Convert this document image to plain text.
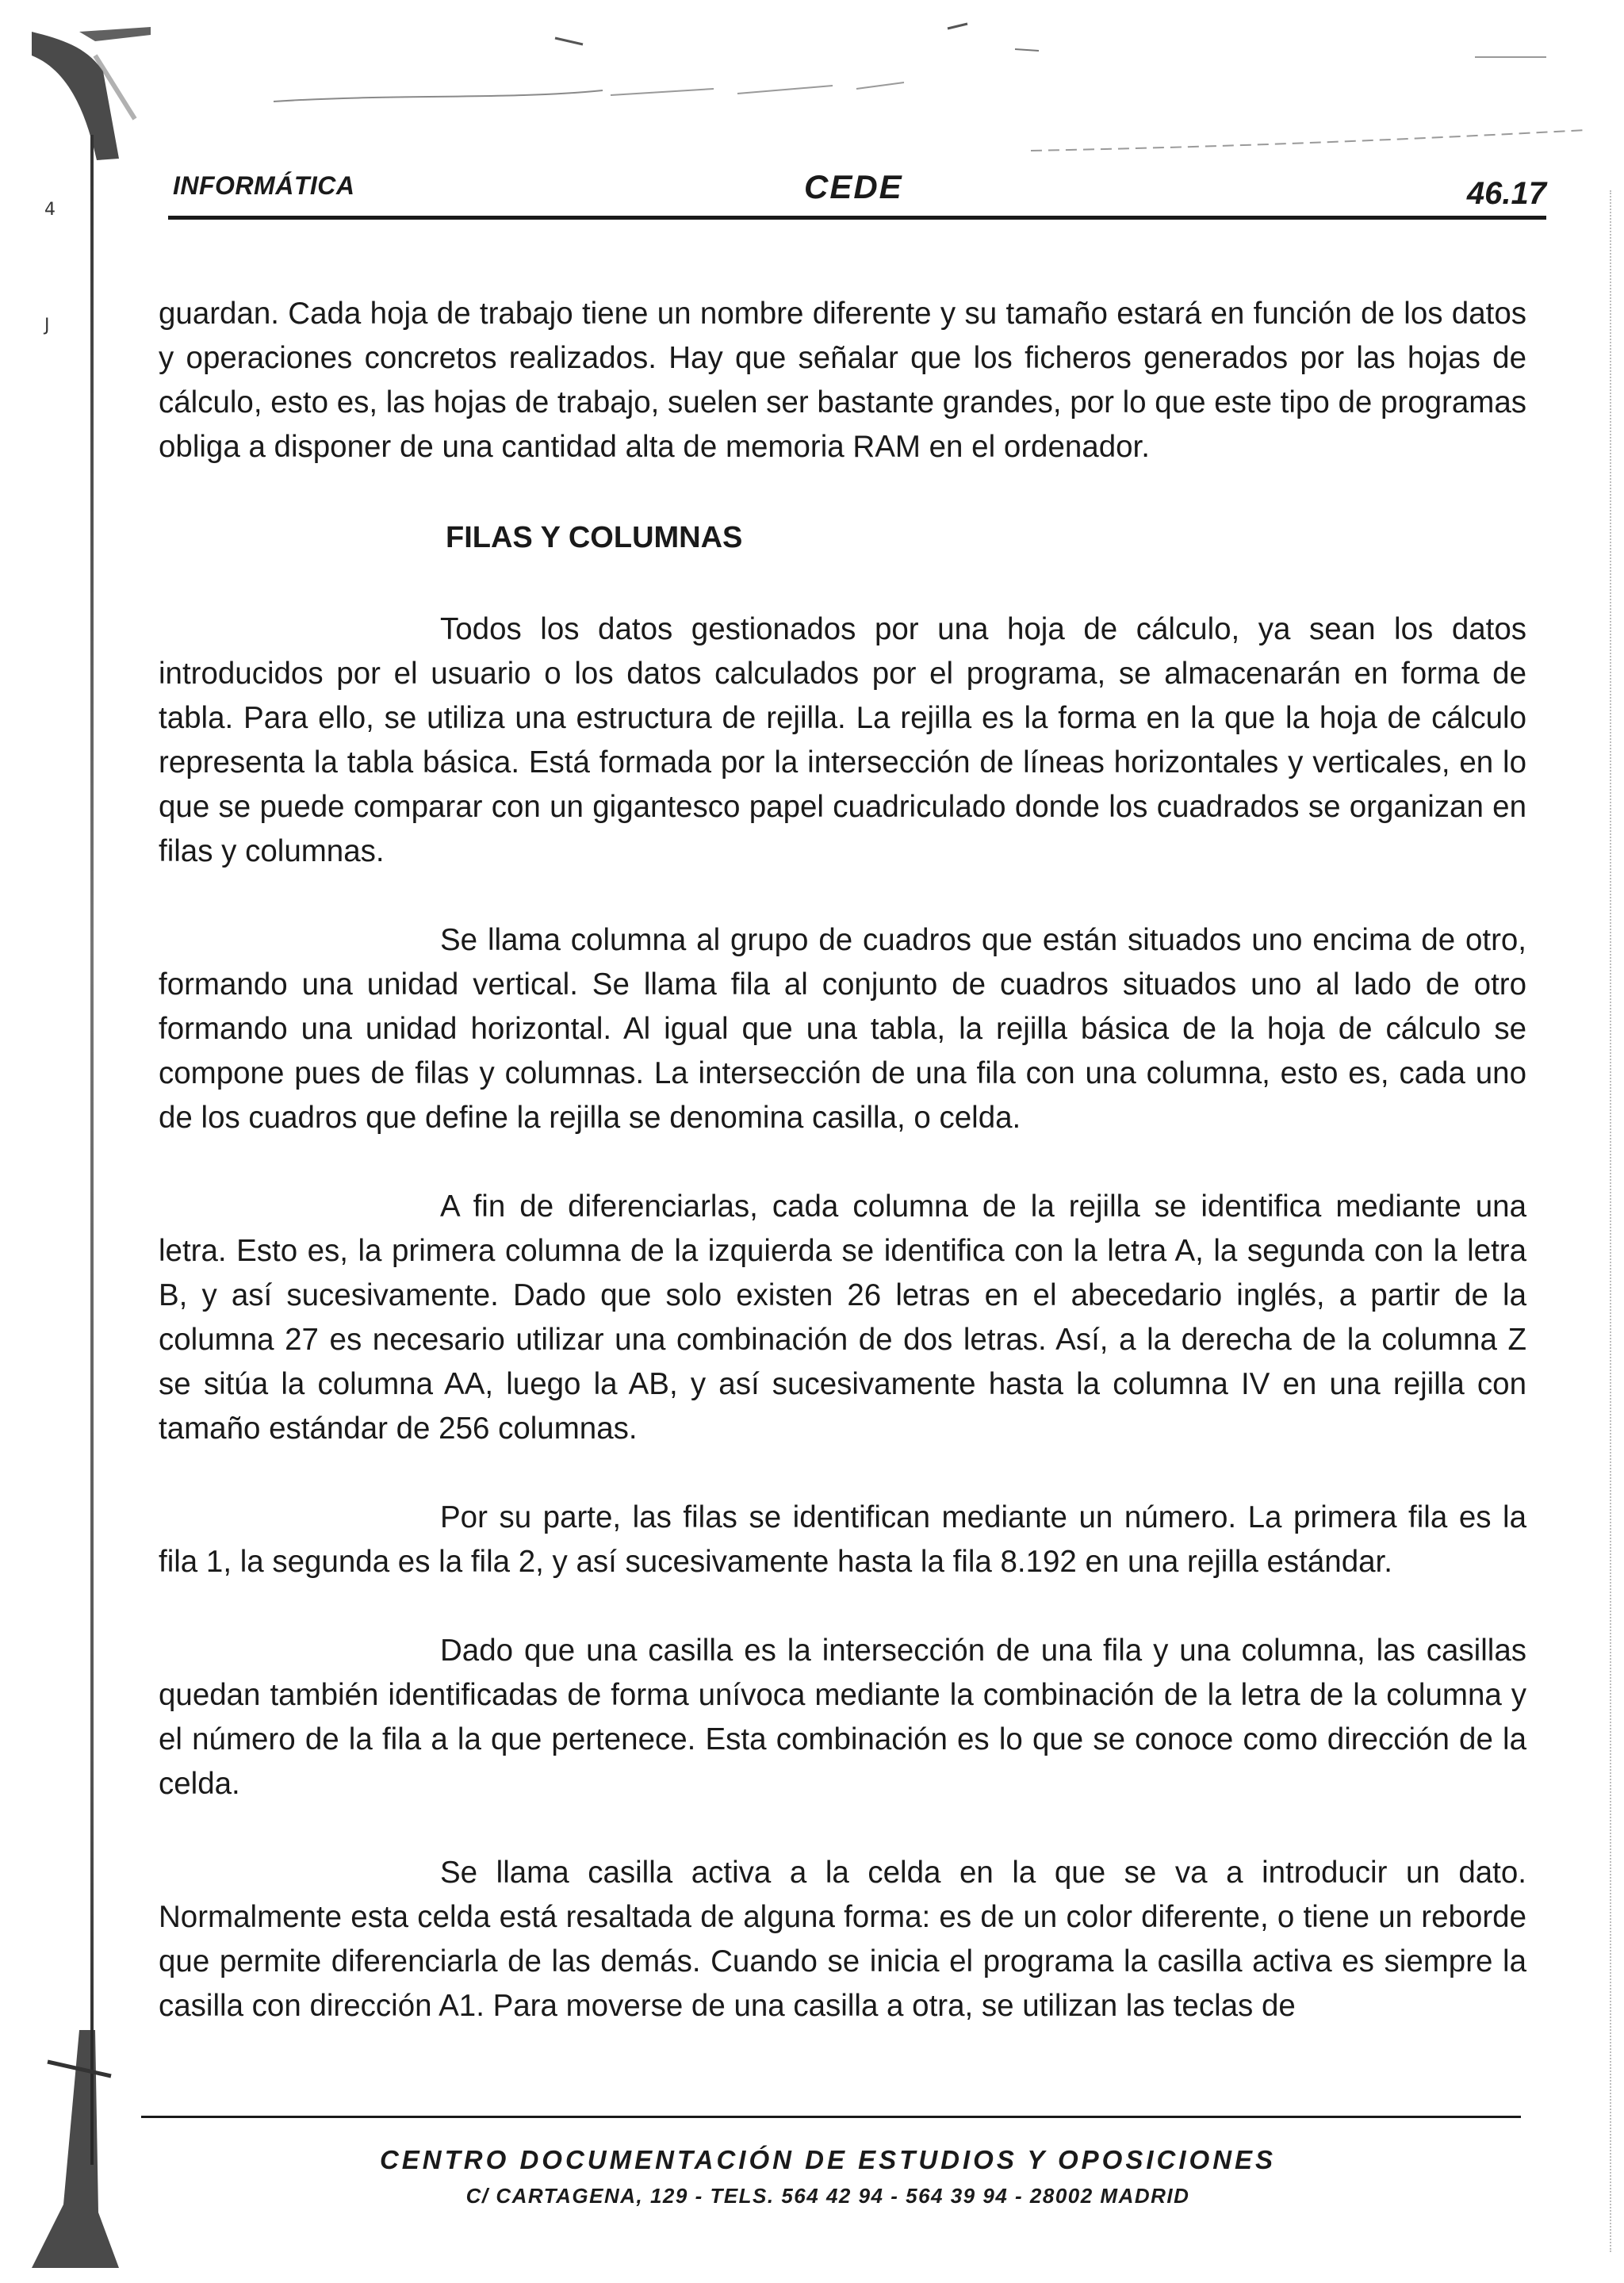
4
J
INFORMÁTICA	CEDE	46.17

guardan. Cada hoja de trabajo tiene un nombre diferente y su tamaño estará en función de los datos y operaciones concretos realizados. Hay que señalar que los ficheros generados por las hojas de cálculo, esto es, las hojas de trabajo, suelen ser bastante grandes, por lo que este tipo de programas obliga a disponer de una cantidad alta de memoria RAM en el ordenador.

FILAS Y COLUMNAS

Todos los datos gestionados por una hoja de cálculo, ya sean los datos introducidos por el usuario o los datos calculados por el programa, se almacenarán en forma de tabla. Para ello, se utiliza una estructura de rejilla. La rejilla es la forma en la que la hoja de cálculo representa la tabla básica. Está formada por la intersección de líneas horizontales y verticales, en lo que se puede comparar con un gigantesco papel cuadriculado donde los cuadrados se organizan en filas y columnas.

Se llama columna al grupo de cuadros que están situados uno encima de otro, formando una unidad vertical. Se llama fila al conjunto de cuadros situados uno al lado de otro formando una unidad horizontal. Al igual que una tabla, la rejilla básica de la hoja de cálculo se compone pues de filas y columnas. La intersección de una fila con una columna, esto es, cada uno de los cuadros que define la rejilla se denomina casilla, o celda.

A fin de diferenciarlas, cada columna de la rejilla se identifica mediante una letra. Esto es, la primera columna de la izquierda se identifica con la letra A, la segunda con la letra B, y así sucesivamente. Dado que solo existen 26 letras en el abecedario inglés, a partir de la columna 27 es necesario utilizar una combinación de dos letras. Así, a la derecha de la columna Z se sitúa la columna AA, luego la AB, y así sucesivamente hasta la columna IV en una rejilla con tamaño estándar de 256 columnas.

Por su parte, las filas se identifican mediante un número. La primera fila es la fila 1, la segunda es la fila 2, y así sucesivamente hasta la fila 8.192 en una rejilla estándar.

Dado que una casilla es la intersección de una fila y una columna, las casillas quedan también identificadas de forma unívoca mediante la combinación de la letra de la columna y el número de la fila a la que pertenece. Esta combinación es lo que se conoce como dirección de la celda.

Se llama casilla activa a la celda en la que se va a introducir un dato. Normalmente esta celda está resaltada de alguna forma: es de un color diferente, o tiene un reborde que permite diferenciarla de las demás. Cuando se inicia el programa la casilla activa es siempre la casilla con dirección A1. Para moverse de una casilla a otra, se utilizan las teclas de

CENTRO DOCUMENTACIÓN DE ESTUDIOS Y OPOSICIONES
C/ CARTAGENA, 129 - TELS. 564 42 94 - 564 39 94 - 28002 MADRID
